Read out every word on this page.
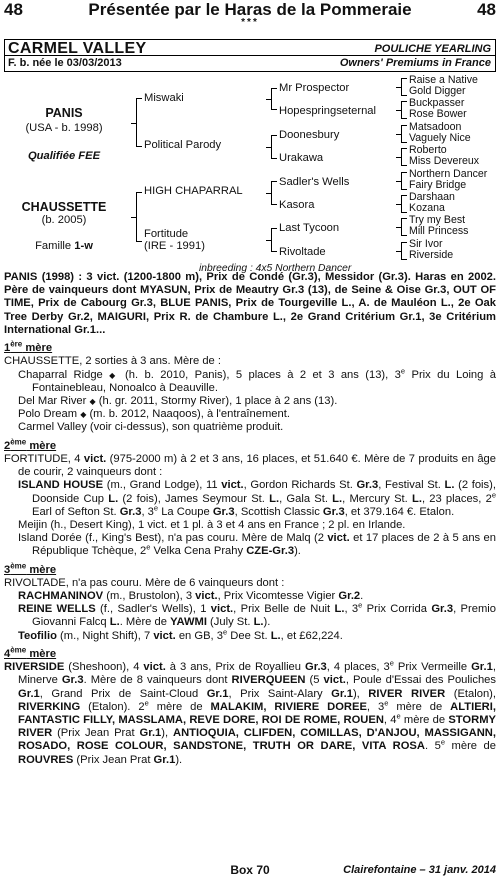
48	Présentée par le Haras de la Pommeraie	48
***
CARMEL VALLEY	POULICHE YEARLING
F. b. née le 03/03/2013	Owners' Premiums in France
PANIS
(USA - b. 1998)
Qualifiée FEE
CHAUSSETTE
(b. 2005)
Famille 1-w
Miswaki
Political Parody
HIGH CHAPARRAL
Fortitude
(IRE - 1991)
Mr Prospector
Hopespringseternal
Doonesbury
Urakawa
Sadler's Wells
Kasora
Last Tycoon
Rivoltade
Raise a Native
Gold Digger
Buckpasser
Rose Bower
Matsadoon
Vaguely Nice
Roberto
Miss Devereux
Northern Dancer
Fairy Bridge
Darshaan
Kozana
Try my Best
Mill Princess
Sir Ivor
Riverside
inbreeding : 4x5 Northern Dancer

PANIS (1998) : 3 vict. (1200-1800 m), Prix de Condé (Gr.3), Messidor (Gr.3). Haras en 2002. Père de vainqueurs dont MYASUN, Prix de Meautry Gr.3 (13), de Seine & Oise Gr.3, OUT OF TIME, Prix de Cabourg Gr.3, BLUE PANIS, Prix de Tourgeville L., A. de Mauléon L., 2e Oak Tree Derby Gr.2, MAIGURI, Prix R. de Chambure L., 2e Grand Critérium Gr.1, 3e Critérium International Gr.1...

1ère mère

CHAUSSETTE, 2 sorties à 3 ans. Mère de :

Chaparral Ridge ◆ (h. b. 2010, Panis), 5 places à 2 et 3 ans (13), 3e Prix du Loing à Fontainebleau, Nonoalco à Deauville.

Del Mar River ◆ (h. gr. 2011, Stormy River), 1 place à 2 ans (13).

Polo Dream ◆ (m. b. 2012, Naaqoos), à l'entraînement.

Carmel Valley (voir ci-dessus), son quatrième produit.

2ème mère

FORTITUDE, 4 vict. (975-2000 m) à 2 et 3 ans, 16 places, et 51.640 €. Mère de 7 produits en âge de courir, 2 vainqueurs dont :

ISLAND HOUSE (m., Grand Lodge), 11 vict., Gordon Richards St. Gr.3, Festival St. L. (2 fois), Doonside Cup L. (2 fois), James Seymour St. L., Gala St. L., Mercury St. L., 23 places, 2e Earl of Sefton St. Gr.3, 3e La Coupe Gr.3, Scottish Classic Gr.3, et 379.164 €. Etalon.

Meijin (h., Desert King), 1 vict. et 1 pl. à 3 et 4 ans en France ; 2 pl. en Irlande.

Island Dorée (f., King's Best), n'a pas couru. Mère de Malq (2 vict. et 17 places de 2 à 5 ans en République Tchèque, 2e Velka Cena Prahy CZE-Gr.3).

3ème mère

RIVOLTADE, n'a pas couru. Mère de 6 vainqueurs dont :

RACHMANINOV (m., Brustolon), 3 vict., Prix Vicomtesse Vigier Gr.2.

REINE WELLS (f., Sadler's Wells), 1 vict., Prix Belle de Nuit L., 3e Prix Corrida Gr.3, Premio Giovanni Falcq L.. Mère de YAWMI (July St. L.).

Teofilio (m., Night Shift), 7 vict. en GB, 3e Dee St. L., et £62,224.

4ème mère

RIVERSIDE (Sheshoon), 4 vict. à 3 ans, Prix de Royallieu Gr.3, 4 places, 3e Prix Vermeille Gr.1, Minerve Gr.3. Mère de 8 vainqueurs dont RIVERQUEEN (5 vict., Poule d'Essai des Pouliches Gr.1, Grand Prix de Saint-Cloud Gr.1, Prix Saint-Alary Gr.1), RIVER RIVER (Etalon), RIVERKING (Etalon). 2e mère de MALAKIM, RIVIERE DOREE, 3e mère de ALTIERI, FANTASTIC FILLY, MASSLAMA, REVE DORE, ROI DE ROME, ROUEN, 4e mère de STORMY RIVER (Prix Jean Prat Gr.1), ANTIOQUIA, CLIFDEN, COMILLAS, D'ANJOU, MASSIGANN, ROSADO, ROSE COLOUR, SANDSTONE, TRUTH OR DARE, VITA ROSA. 5e mère de ROUVRES (Prix Jean Prat Gr.1).

Box 70	Clairefontaine – 31 janv. 2014
